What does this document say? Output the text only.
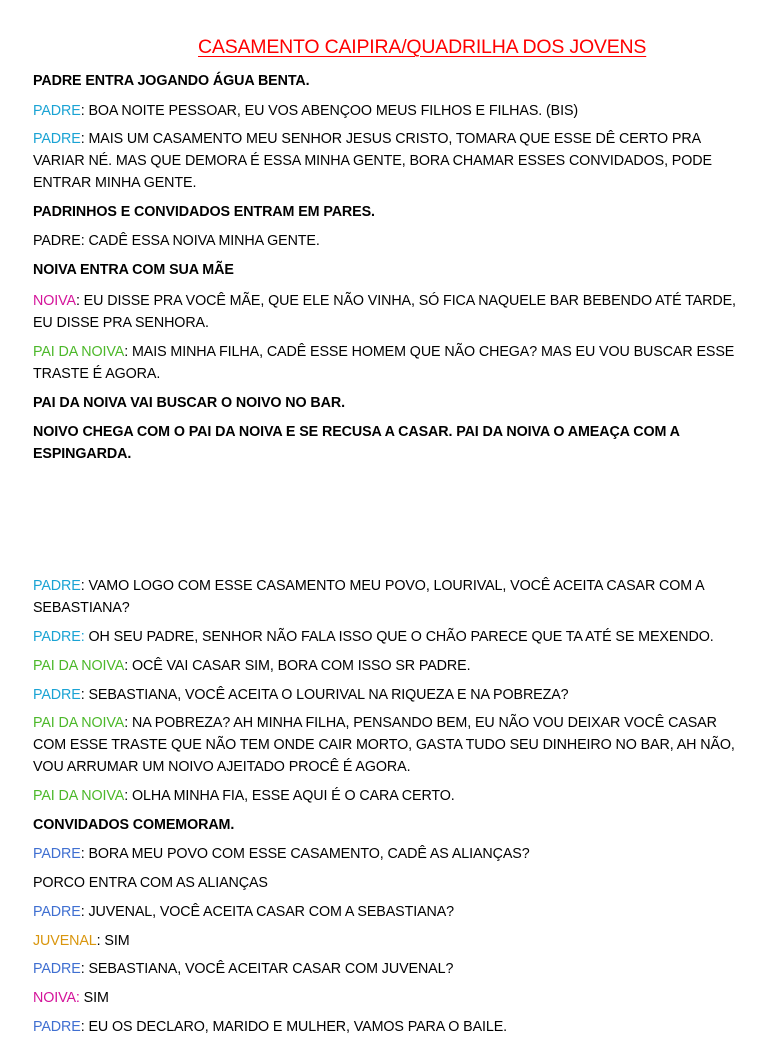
CASAMENTO CAIPIRA/QUADRILHA DOS JOVENS
PADRE ENTRA JOGANDO ÁGUA BENTA.
PADRE: BOA NOITE PESSOAR, EU VOS ABENÇOO MEUS FILHOS E FILHAS. (BIS)
PADRE: MAIS UM CASAMENTO MEU SENHOR JESUS CRISTO, TOMARA QUE ESSE DÊ CERTO PRA VARIAR NÉ. MAS QUE DEMORA É ESSA MINHA GENTE, BORA CHAMAR ESSES CONVIDADOS, PODE ENTRAR MINHA GENTE.
PADRINHOS E CONVIDADOS ENTRAM EM PARES.
PADRE: CADÊ ESSA NOIVA MINHA GENTE.
NOIVA ENTRA COM SUA MÃE
NOIVA: EU DISSE PRA VOCÊ MÃE, QUE ELE NÃO VINHA, SÓ FICA NAQUELE BAR BEBENDO ATÉ TARDE, EU DISSE PRA SENHORA.
PAI DA NOIVA: MAIS MINHA FILHA, CADÊ ESSE HOMEM QUE NÃO CHEGA? MAS EU VOU BUSCAR ESSE TRASTE É AGORA.
PAI DA NOIVA VAI BUSCAR O NOIVO NO BAR.
NOIVO CHEGA COM O PAI DA NOIVA E SE RECUSA A CASAR. PAI DA NOIVA O AMEAÇA COM A ESPINGARDA.
PADRE: VAMO LOGO COM ESSE CASAMENTO MEU POVO, LOURIVAL, VOCÊ ACEITA CASAR COM A SEBASTIANA?
PADRE: OH SEU PADRE, SENHOR NÃO FALA ISSO QUE O CHÃO PARECE QUE TA ATÉ SE MEXENDO.
PAI DA NOIVA: OCÊ VAI CASAR SIM, BORA COM ISSO SR PADRE.
PADRE: SEBASTIANA, VOCÊ ACEITA O LOURIVAL NA RIQUEZA E NA POBREZA?
PAI DA NOIVA: NA POBREZA? AH MINHA FILHA, PENSANDO BEM, EU NÃO VOU DEIXAR VOCÊ CASAR COM ESSE TRASTE QUE NÃO TEM ONDE CAIR MORTO, GASTA TUDO SEU DINHEIRO NO BAR, AH NÃO, VOU ARRUMAR UM NOIVO AJEITADO PROCÊ É AGORA.
PAI DA NOIVA: OLHA MINHA FIA, ESSE AQUI É O CARA CERTO.
CONVIDADOS COMEMORAM.
PADRE: BORA MEU POVO COM ESSE CASAMENTO, CADÊ AS ALIANÇAS?
PORCO ENTRA COM AS ALIANÇAS
PADRE: JUVENAL, VOCÊ ACEITA CASAR COM A SEBASTIANA?
JUVENAL: SIM
PADRE: SEBASTIANA, VOCÊ ACEITAR CASAR COM JUVENAL?
NOIVA: SIM
PADRE: EU OS DECLARO, MARIDO E MULHER, VAMOS PARA O BAILE.
